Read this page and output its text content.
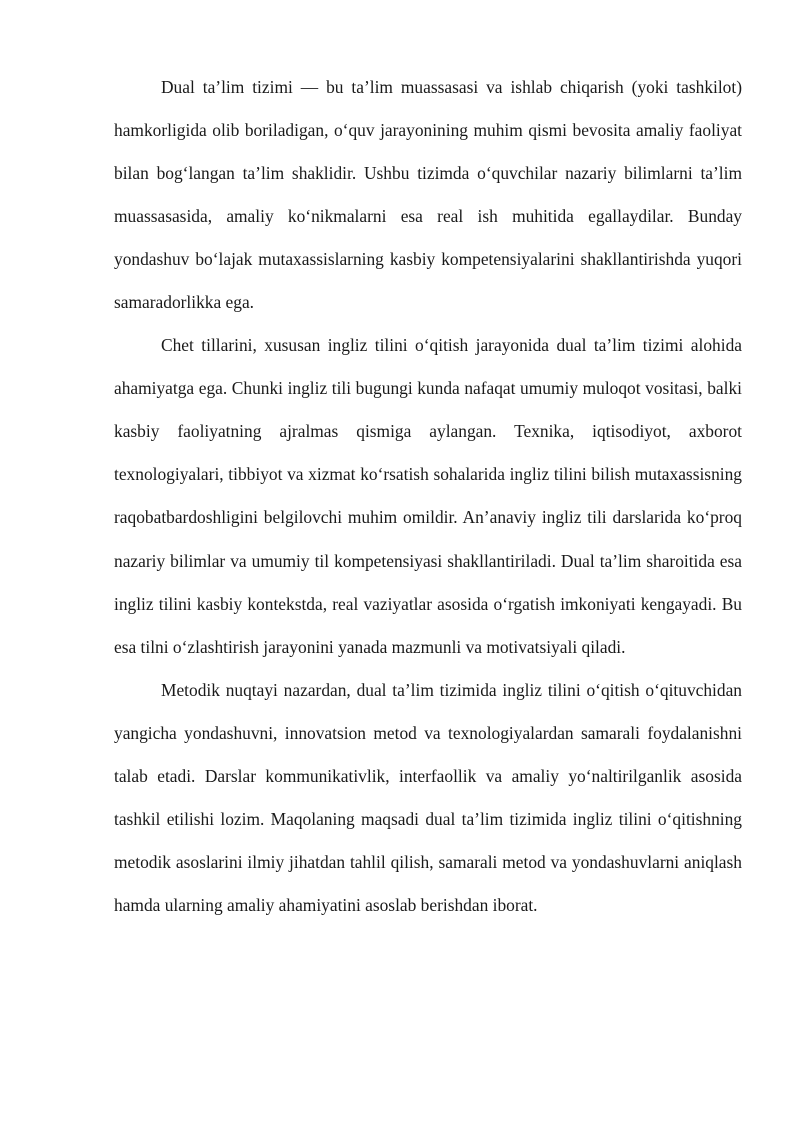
Dual ta’lim tizimi — bu ta’lim muassasasi va ishlab chiqarish (yoki tashkilot) hamkorligida olib boriladigan, o‘quv jarayonining muhim qismi bevosita amaliy faoliyat bilan bog‘langan ta’lim shaklidir. Ushbu tizimda o‘quvchilar nazariy bilimlarni ta’lim muassasasida, amaliy ko‘nikmalarni esa real ish muhitida egallaydilar. Bunday yondashuv bo‘lajak mutaxassislarning kasbiy kompetensiyalarini shakllantirishda yuqori samaradorlikka ega.

Chet tillarini, xususan ingliz tilini o‘qitish jarayonida dual ta’lim tizimi alohida ahamiyatga ega. Chunki ingliz tili bugungi kunda nafaqat umumiy muloqot vositasi, balki kasbiy faoliyatning ajralmas qismiga aylangan. Texnika, iqtisodiyot, axborot texnologiyalari, tibbiyot va xizmat ko‘rsatish sohalarida ingliz tilini bilish mutaxassisning raqobatbardoshligini belgilovchi muhim omildir. An’anaviy ingliz tili darslarida ko‘proq nazariy bilimlar va umumiy til kompetensiyasi shakllantiriladi. Dual ta’lim sharoitida esa ingliz tilini kasbiy kontekstda, real vaziyatlar asosida o‘rgatish imkoniyati kengayadi. Bu esa tilni o‘zlashtirish jarayonini yanada mazmunli va motivatsiyali qiladi.

Metodik nuqtayi nazardan, dual ta’lim tizimida ingliz tilini o‘qitish o‘qituvchidan yangicha yondashuvni, innovatsion metod va texnologiyalardan samarali foydalanishni talab etadi. Darslar kommunikativlik, interfaollik va amaliy yo‘naltirilganlik asosida tashkil etilishi lozim. Maqolaning maqsadi dual ta’lim tizimida ingliz tilini o‘qitishning metodik asoslarini ilmiy jihatdan tahlil qilish, samarali metod va yondashuvlarni aniqlash hamda ularning amaliy ahamiyatini asoslab berishdan iborat.
